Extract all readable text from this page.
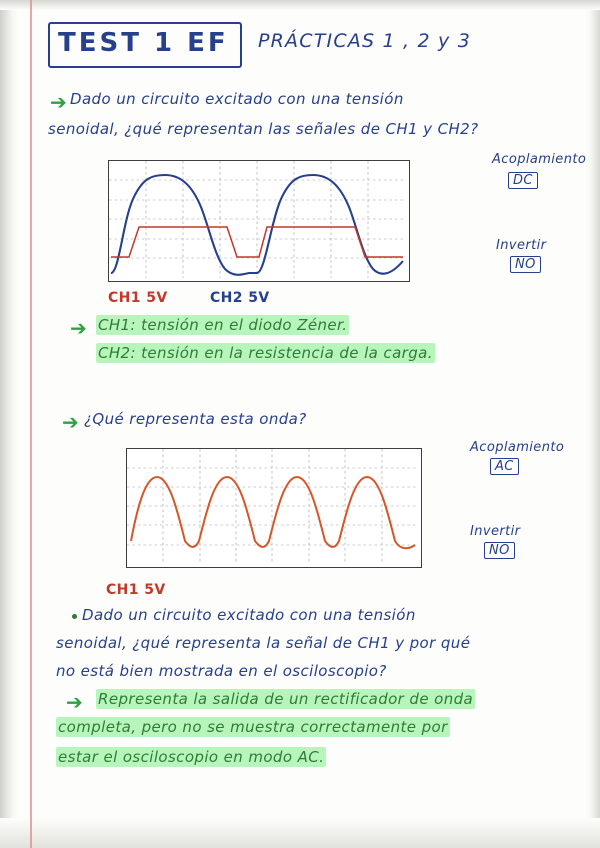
TEST 1 EF PRÁCTICAS 1 , 2 y 3
➔ Dado un circuito excitado con una tensión
senoidal, ¿qué representan las señales de CH1 y CH2?
Acoplamiento
DC
Invertir
NO
CH1 5V	CH2 5V
➔ CH1: tensión en el diodo Zéner.
CH2: tensión en la resistencia de la carga.
➔ ¿Qué representa esta onda?
Acoplamiento
AC
Invertir
NO
CH1 5V
Dado un circuito excitado con una tensión
senoidal, ¿qué representa la señal de CH1 y por qué
no está bien mostrada en el osciloscopio?
➔ Representa la salida de un rectificador de onda
completa, pero no se muestra correctamente por
estar el osciloscopio en modo AC.
